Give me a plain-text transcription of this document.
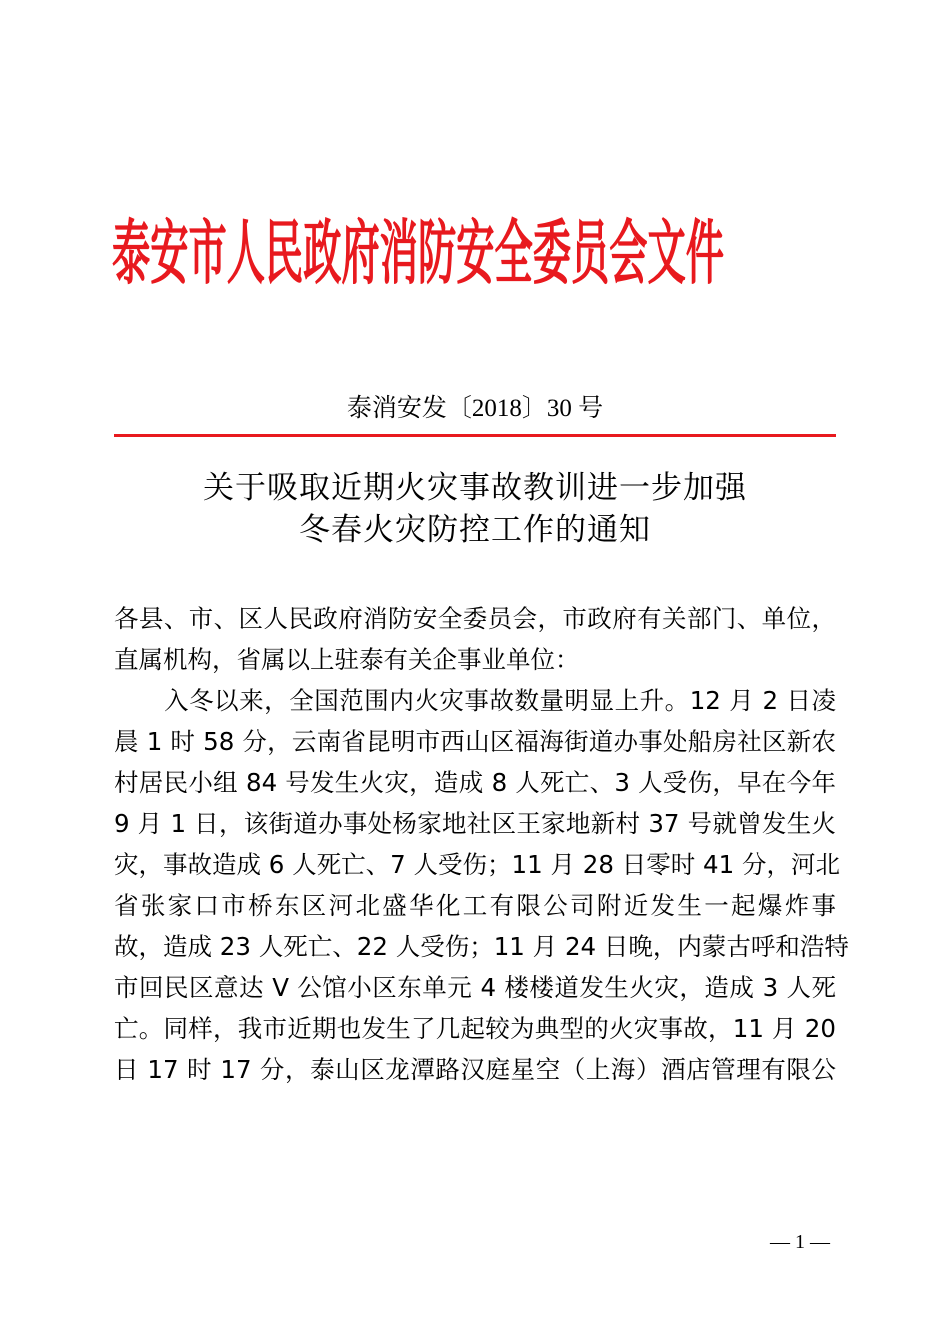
泰安市人民政府消防安全委员会文件
泰消安发〔2018〕30 号
关于吸取近期火灾事故教训进一步加强
冬春火灾防控工作的通知
各县、市、区人民政府消防安全委员会，市政府有关部门、单位，
直属机构，省属以上驻泰有关企事业单位：
　　入冬以来，全国范围内火灾事故数量明显上升。12 月 2 日凌
晨 1 时 58 分，云南省昆明市西山区福海街道办事处船房社区新农
村居民小组 84 号发生火灾，造成 8 人死亡、3 人受伤，早在今年
9 月 1 日，该街道办事处杨家地社区王家地新村 37 号就曾发生火
灾，事故造成 6 人死亡、7 人受伤；11 月 28 日零时 41 分，河北
省张家口市桥东区河北盛华化工有限公司附近发生一起爆炸事
故，造成 23 人死亡、22 人受伤；11 月 24 日晚，内蒙古呼和浩特
市回民区意达 V 公馆小区东单元 4 楼楼道发生火灾，造成 3 人死
亡。同样，我市近期也发生了几起较为典型的火灾事故，11 月 20
日 17 时 17 分，泰山区龙潭路汉庭星空（上海）酒店管理有限公
— 1 —
